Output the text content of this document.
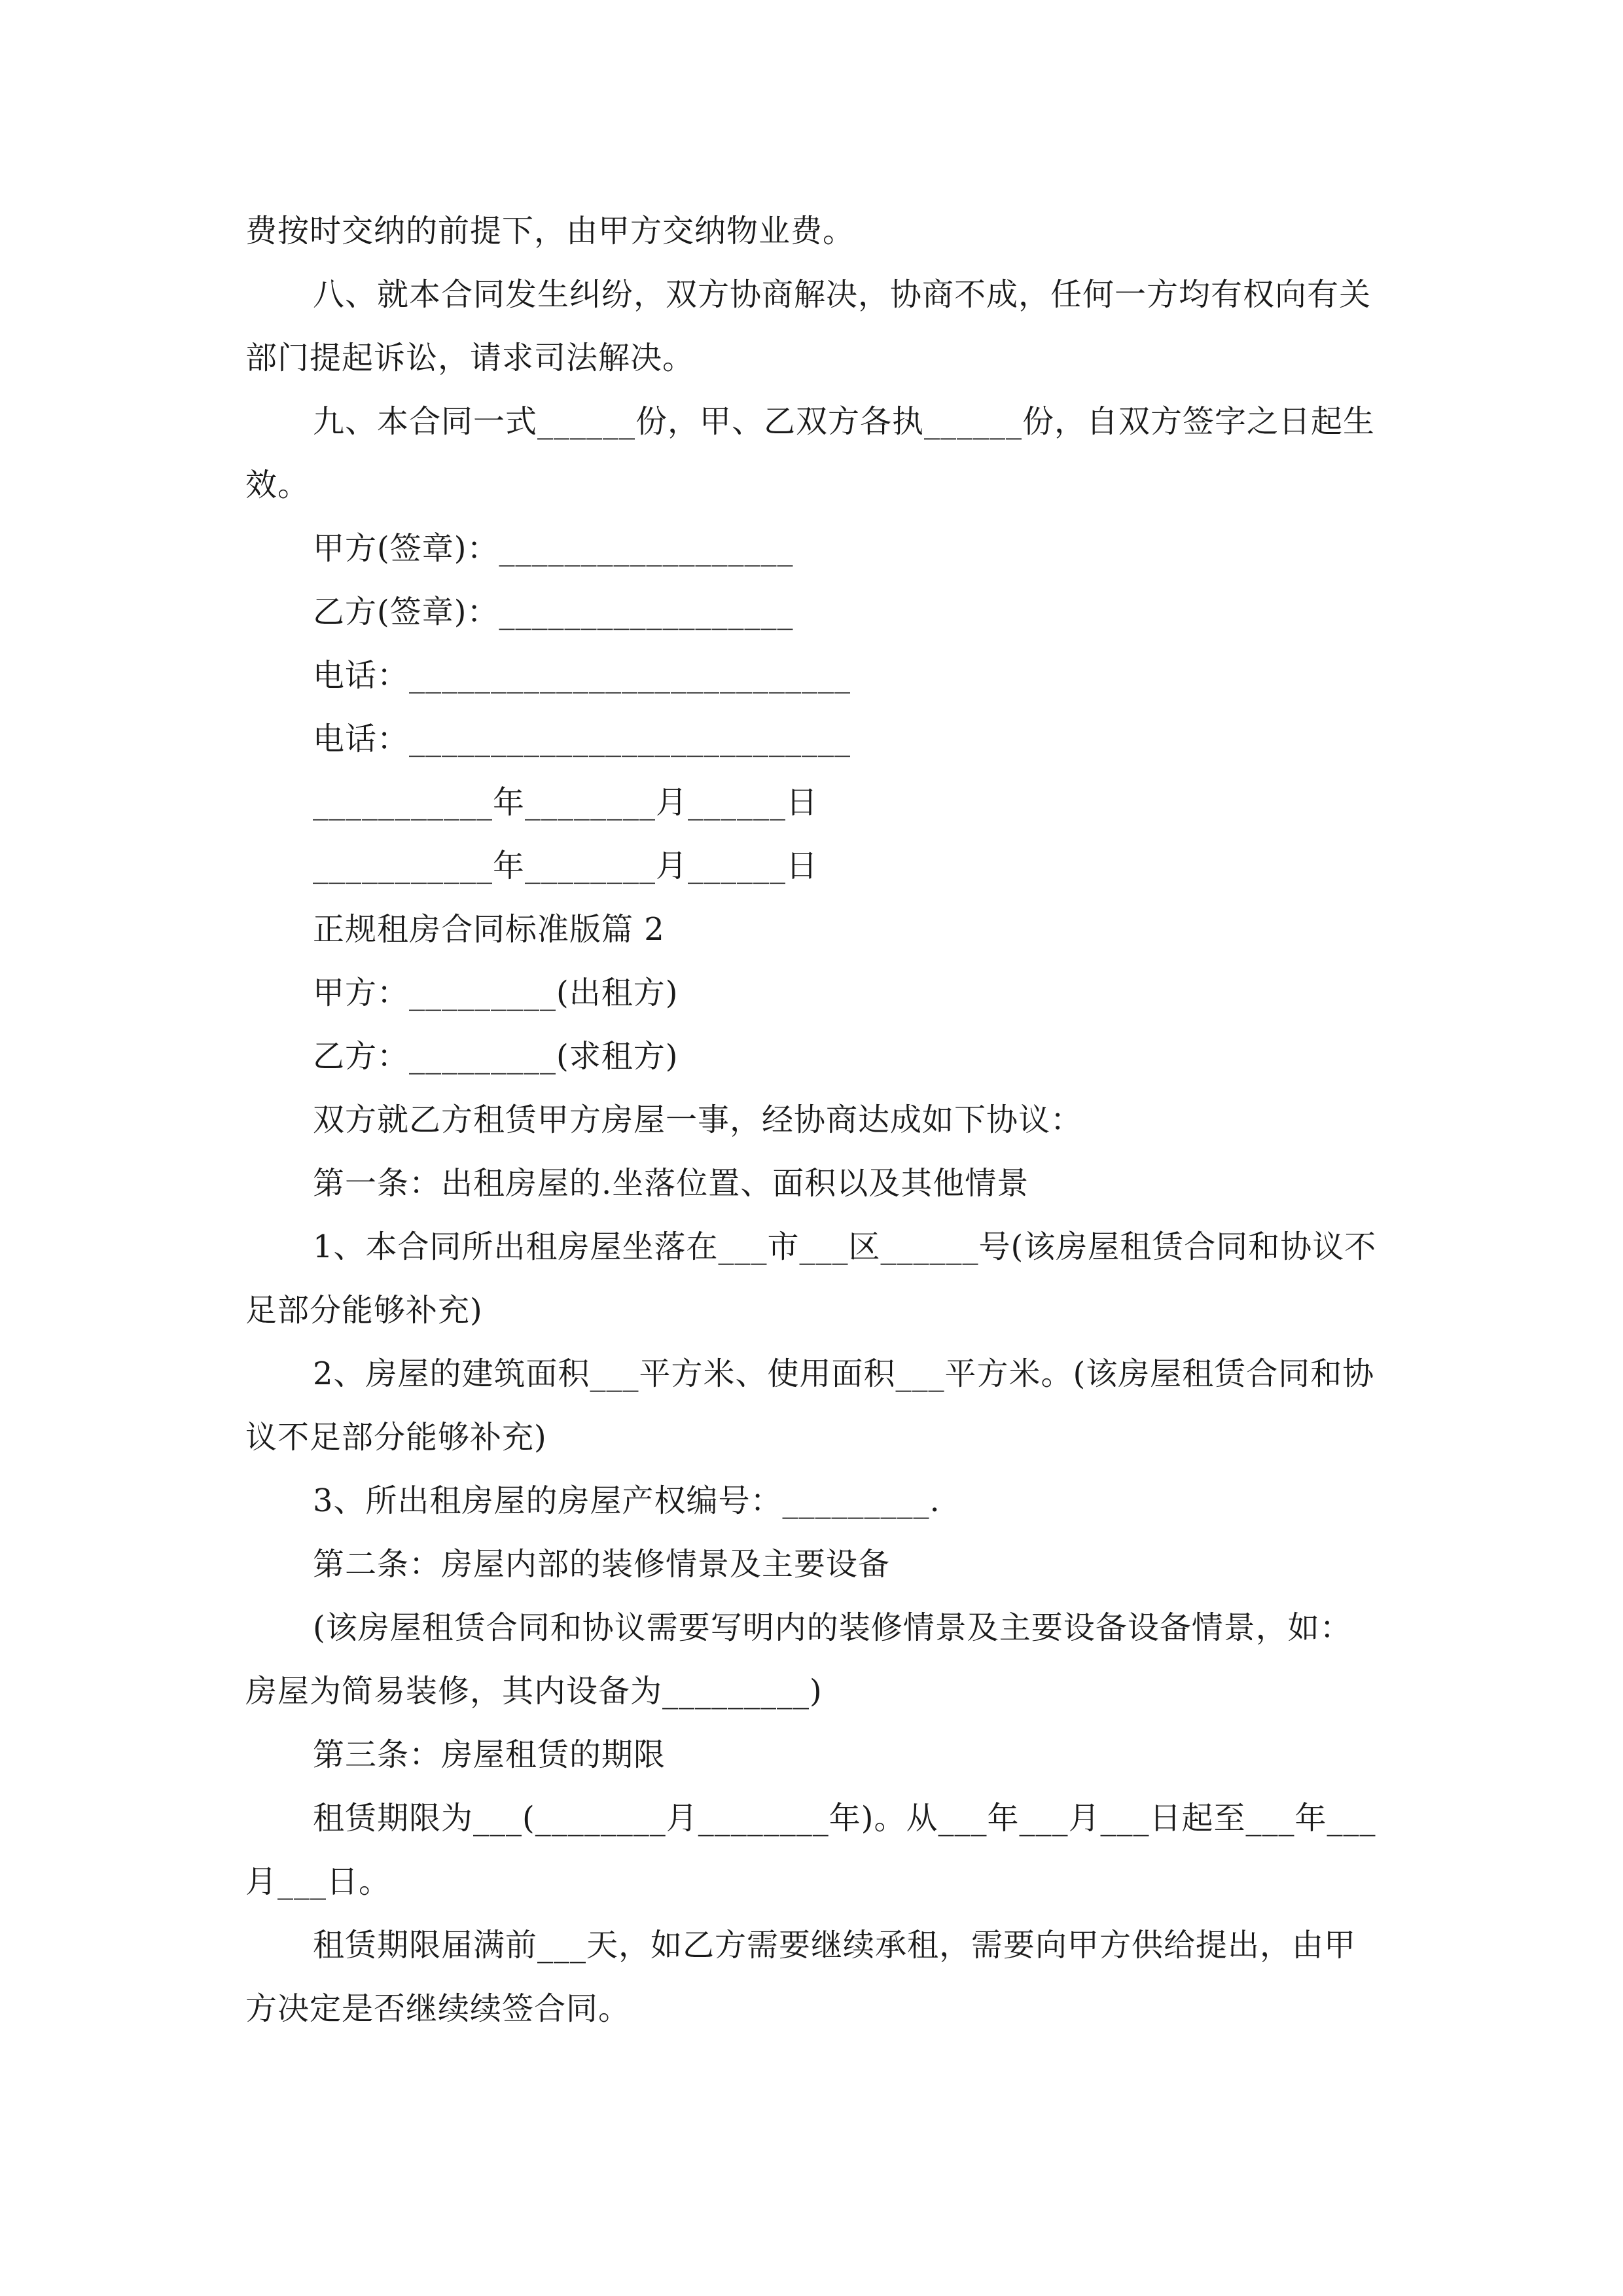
费按时交纳的前提下，由甲方交纳物业费。
八、就本合同发生纠纷，双方协商解决，协商不成，任何一方均有权向有关
部门提起诉讼，请求司法解决。
九、本合同一式______份，甲、乙双方各执______份，自双方签字之日起生
效。
甲方(签章)：__________________
乙方(签章)：__________________
电话：___________________________
电话：___________________________
___________年________月______日
___________年________月______日
正规租房合同标准版篇 2
甲方：_________(出租方)
乙方：_________(求租方)
双方就乙方租赁甲方房屋一事，经协商达成如下协议：
第一条：出租房屋的.坐落位置、面积以及其他情景
1、本合同所出租房屋坐落在___市___区______号(该房屋租赁合同和协议不
足部分能够补充)
2、房屋的建筑面积___平方米、使用面积___平方米。(该房屋租赁合同和协
议不足部分能够补充)
3、所出租房屋的房屋产权编号：_________.
第二条：房屋内部的装修情景及主要设备
(该房屋租赁合同和协议需要写明内的装修情景及主要设备设备情景，如：
房屋为简易装修，其内设备为_________)
第三条：房屋租赁的期限
租赁期限为___(________月________年)。从___年___月___日起至___年___
月___日。
租赁期限届满前___天，如乙方需要继续承租，需要向甲方供给提出，由甲
方决定是否继续续签合同。
